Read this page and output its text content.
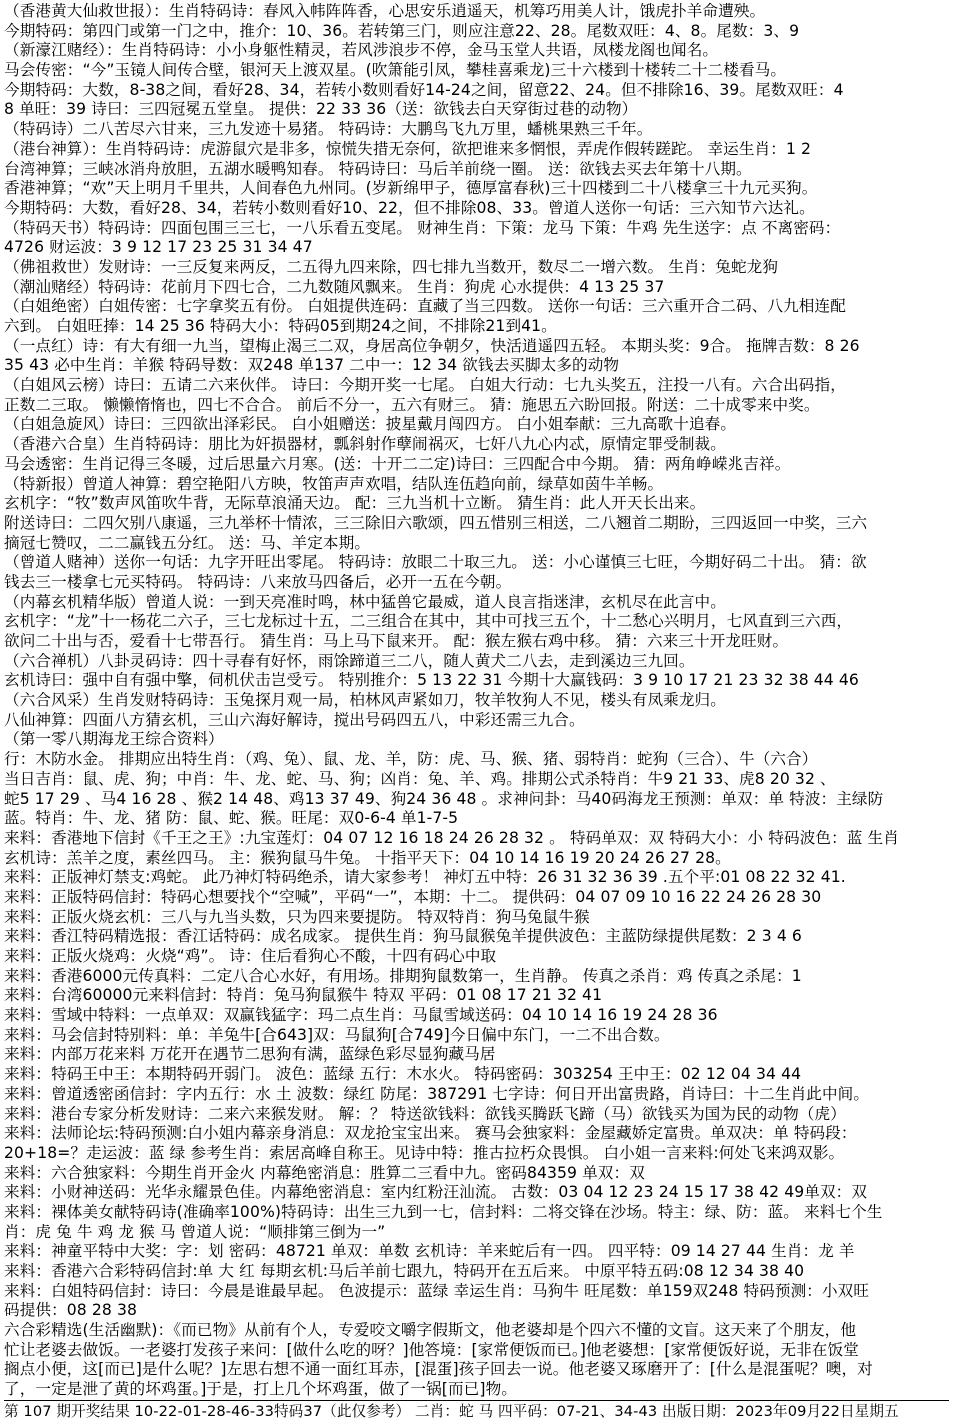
（香港黄大仙救世报）：生肖特码诗：春风入帏阵阵香，心思安乐逍遥天，机筹巧用美人计，饿虎扑羊命遭殃。
今期特码：第四门或第一门之中，推介：10、36。若转第三门，则应注意22、28。尾数双旺：4、8。尾数：3、9
（新濠江赌经）：生肖特码诗：小小身躯性精灵，若风涉浪步不停，金马玉堂人共语，凤楼龙阁也闻名。
马会传密：“今”玉镜人间传合壁，银河天上渡双星。(吹箫能引凤，攀桂喜乘龙)三十六楼到十楼转二十二楼看马。
今期特码：大数，8-38之间，看好28、34，若转小数则看好14-24之间，留意22、24。但不排除16、39。尾数双旺：4
8 单旺：39 诗曰：三四冠冕五堂皇。 提供：22 33 36（送：欲钱去白天穿街过巷的动物）
（特码诗）二八苦尽六甘来，三九发迹十易猪。 特码诗：大鹏鸟飞九万里，蟠桃果熟三千年。
（港台神算）：生肖特码诗：虎游鼠穴是非多，惊慌失措无奈何，欲把谁来多惘恨，弄虎作假转蹉跎。 幸运生肖：1 2
台湾神算；三峡冰消舟放胆，五湖水暖鸭知春。 特码诗曰：马后羊前绕一圈。 送：欲钱去买去年第十八期。
香港神算；“欢”天上明月千里共，人间春色九州同。(岁新绵甲子，德厚富春秋)三十四楼到二十八楼拿三十九元买狗。
今期特码：大数，看好28、34，若转小数则看好10、22，但不排除08、33。曾道人送你一句话：三六知节六达礼。
（特码天书）特码诗：四面包围三三七，一八乐看五变尾。 财神生肖：下策：龙马 下策：牛鸡 先生送字：点 不离密码：
4726 财运波：3 9 12 17 23 25 31 34 47
（佛祖救世）发财诗：一三反复来两反，二五得九四来除，四七排九当数开，数尽二一增六数。 生肖：兔蛇龙狗
（潮汕赌经）特码诗：花前月下四七合，二九数随风飘来。 生肖：狗虎 心水提供：4 13 25 37
（白姐绝密）白姐传密：七字拿奖五有份。 白姐提供连码：直藏了当三四数。 送你一句话：三六重开合二码、八九相连配
六到。 白姐旺捧：14 25 36 特码大小：特码05到期24之间，不排除21到41。
（一点红）诗：有大有细一九当，望梅止渴三二双，身居高位争朝夕，快活逍遥四五轻。 本期头奖：9合。 拖牌吉数：8 26
35 43 必中生肖：羊猴 特码导数：双248 单137 二中一：12 34 欲钱去买脚太多的动物
（白姐风云榜）诗曰：五请二六来伙伴。 诗曰：今期开奖一七尾。 白姐大行动：七九头奖五，注投一八有。六合出码指，
正数二三取。 懒懒惰惰也，四七不合合。 前后不分一，五六有财三。 猜：施思五六盼回报。附送：二十成零来中奖。
（白姐急旋风）诗曰：三四欲出泽彩民。 白小姐赠送：披星戴月闯四方。 白小姐奉献：三九高歌十追春。
（香港六合皇）生肖特码诗：朋比为奸损器材，瓢斜射作孽闹祸灭，七奸八九心内忒，原情定罪受制裁。
马会透密：生肖记得三冬暖，过后思量六月寒。(送：十开二二定)诗曰：三四配合中今期。 猜：两角峥嵘兆吉祥。
（特新报）曾道人神算：碧空艳阳八方映，牧笛声声欢唱，结队连伍趋向前，绿草如茵牛羊畅。
玄机字：“牧”数声风笛吹牛背，无际草浪涌天边。 配：三九当机十立断。 猜生肖：此人开天长出来。
附送诗曰：二四欠别八康遥，三九举杯十情浓，三三除旧六歌颂，四五惜别三相送，二八翘首二期盼，三四返回一中奖，三六
摘冠七赞叹，二二赢钱五分红。 送：马、羊定本期。
（曾道人赌神）送你一句话：九字开旺出零尾。 特码诗：放眼二十取三九。 送：小心谨慎三七旺，今期好码二十出。 猜：欲
钱去三一楼拿七元买特码。 特码诗：八来放马四备后，必开一五在今朝。
（内幕玄机精华版）曾道人说：一到天亮准时鸣，林中猛兽它最威，道人良言指迷津，玄机尽在此言中。
玄机字：“龙”十一杨花二六子，三七龙标过十五，二三组合在其中，其中可找三五个，十二愁心兴明月，七风直到三六西，
欲问二十出与否，爱看十七带吾行。 猜生肖：马上马下鼠来开。 配：猴左猴右鸡中移。 猜：六来三十开龙旺财。
（六合禅机）八卦灵码诗：四十寻春有好怀，雨馀蹄道三二八，随人黄犬二八去，走到溪边三九回。
玄机诗曰：强中自有强中擎，伺机伏击岂受亏。 特别推介：5 13 22 31 今期十大赢钱码：3 9 10 17 21 23 32 38 44 46
（六合风采）生肖发财特码诗：玉兔探月观一局，柏林风声紧如刀，牧羊牧狗人不见，楼头有凤乘龙归。
八仙神算：四面八方猜玄机，三山六海好解诗，搅出号码四五八，中彩还需三九合。
（第一零八期海龙王综合资料）
行：木防水金。 排期应出特生肖：（鸡、兔）、鼠、龙、羊，防：虎、马、猴、猪、弱特肖：蛇狗（三合）、牛（六合）
当日吉肖：鼠、虎、狗；中肖：牛、龙、蛇、马、狗；凶肖：兔、羊、鸡。排期公式杀特肖：牛9 21 33、虎8 20 32 、
蛇5 17 29 、马4 16 28 、猴2 14 48、鸡13 37 49、狗24 36 48 。求神问卦：马40码海龙王预测：单双：单 特波：主绿防
蓝。特肖：牛、龙、猪 防：鼠、蛇、猴。旺尾：双0-6-4 单1-7-5
来料：香港地下信封《千王之王》:九宝莲灯：04 07 12 16 18 24 26 28 32 。 特码单双：双 特码大小：小 特码波色：蓝 生肖
玄机诗：羔羊之度，素丝四马。 主：猴狗鼠马牛兔。 十指平天下：04 10 14 16 19 20 24 26 27 28。
来料：正版神灯禁支:鸡蛇。 此乃神灯特码绝杀，请大家参考！ 神灯五中特：26 31 32 36 39 .五个平:01 08 22 32 41.
来料：正版特码信封：特码心想要找个“空喊”，平码“一”，本期：十二。 提供码：04 07 09 10 16 22 24 26 28 30
来料：正版火烧玄机：三八与九当头数，只为四来要提防。 特双特肖：狗马兔鼠牛猴
来料：香江特码精选报：香江话特码：成名成家。 提供生肖：狗马鼠猴兔羊提供波色：主蓝防绿提供尾数：2 3 4 6
来料：正版火烧鸡：火烧“鸡”。 诗：住后看狗心不酸，十四有码心中取
来料：香港6000元传真料：二定八合心水好，有用场。排期狗鼠数第一，生肖静。 传真之杀肖：鸡 传真之杀尾：1
来料：台湾60000元来料信封：特肖：兔马狗鼠猴牛 特双 平码：01 08 17 21 32 41
来料：雪域中特料：一点单双：双赢钱猛字：玛二点生肖：马鼠雪域送码：04 10 14 16 19 24 28 36
来料：马会信封特别料：单：羊兔牛[合643]双：马鼠狗[合749]今日偏中东门，一二不出合数。
来料：内部万花来料 万花开在遇节二思狗有满，蓝绿色彩尽显狗藏马居
来料：特码王中王：本期特码开弱门。 波色：蓝绿 五行：木水火。 特码密码：303254 王中王：02 12 04 34 44
来料：曾道透密函信封：字内五行：水 土 波数：绿红 防尾：387291 七字诗：何日开出富贵路，肖诗曰：十二生肖此中间。
来料：港台专家分析发财诗：二来六来猴发财。 解：？ 特送欲钱料：欲钱买腾跃飞蹄（马）欲钱买为国为民的动物（虎）
来料：法师论坛:特码预测:白小姐内幕亲身消息：双龙抢宝宝出来。 赛马会独家料：金屋藏娇定富贵。单双决：单 特码段：
20+18=？走运波：蓝 绿 参考生肖：索居高峰自称王。见诗中特：推古拉朽众畏惧。 白小姐一言来料:何处飞来鸿双影。
来料：六合独家料：今期生肖开金火 内幕绝密消息：胜算二三看中九。密码84359 单双：双
来料：小财神送码：光华永耀景色佳。内幕绝密消息：室内红粉汪汕流。 古数：03 04 12 23 24 15 17 38 42 49单双：双
来料：裸体美女献特码诗(准确率100%)特码诗：出生三九到一七，信封料：二将交锋在沙场。特主：绿、防：蓝。 来料七个生
肖：虎 兔 牛 鸡 龙 猴 马 曾道人说：“顺排第三倒为一”
来料：神童平特中大奖：字：划 密码：48721 单双：单数 玄机诗：羊来蛇后有一四。 四平特：09 14 27 44 生肖：龙 羊
来料：香港六合彩特码信封:单 大 红 每期玄机:马后羊前七跟九，特码开在五后来。 中原平特五码:08 12 34 38 40
来料：白姐特码信封：诗曰：今晨是谁最早起。 色波提示：蓝绿 幸运生肖：马狗牛 旺尾数：单159双248 特码预测：小双旺
码提供：08 28 38
六合彩精选(生活幽默)：《而已物》从前有个人，专爱咬文嚼字假斯文，他老婆却是个四六不懂的文盲。这天来了个朋友，他
忙让老婆去做饭。一老婆打发孩子来问：[做什么吃的呀？]他答境：[家常便饭而已。]他老婆想：[家常便饭好说，无非在饭堂
搁点小便，这[而已]是什么呢？]左思右想不通一面红耳赤，[混蛋]孩子回去一说。他老婆又琢磨开了：[什么是混蛋呢？噢，对
了，一定是泄了黄的坏鸡蛋。]于是，打上几个坏鸡蛋，做了一锅[而已]物。
第 107 期开奖结果 10-22-01-28-46-33特码37（此仅参考） 二肖：蛇 马 四平码：07-21、34-43 出版日期：2023年09月22日星期五
